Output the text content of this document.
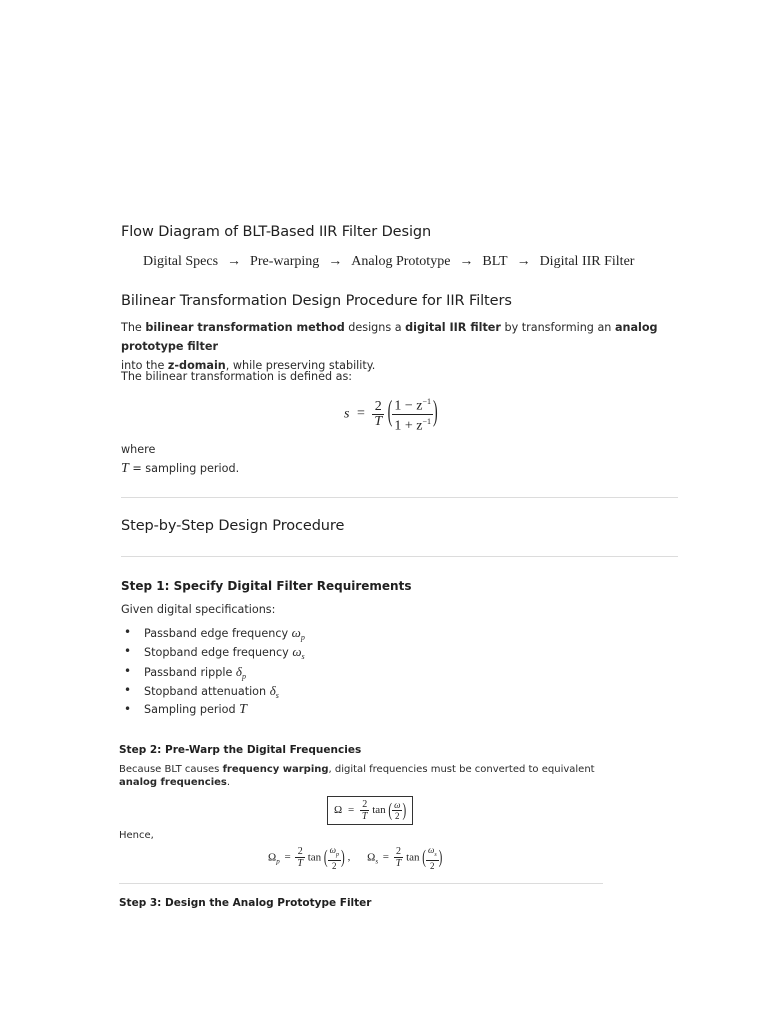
Flow Diagram of BLT-Based IIR Filter Design
Digital Specs → Pre-warping → Analog Prototype → BLT → Digital IIR Filter
Bilinear Transformation Design Procedure for IIR Filters
The bilinear transformation method designs a digital IIR filter by transforming an analog prototype filter
into the z-domain, while preserving stability.
The bilinear transformation is defined as:
$s = \frac{2}{T}$ ( $\frac{1 - z^{-1}}{1 + z^{-1}}$ )
where
T = sampling period.
Step-by-Step Design Procedure
Step 1: Specify Digital Filter Requirements
Given digital specifications:
• Passband edge frequency $\omega_p$
• Stopband edge frequency $\omega_s$
• Passband ripple $\delta_p$
• Stopband attenuation $\delta_s$
• Sampling period T
Step 2: Pre-Warp the Digital Frequencies
Because BLT causes frequency warping, digital frequencies must be converted to equivalent analog frequencies.
$\Omega = \frac{2}{T}$ tan ( $\frac{\omega}{2}$ )
Hence,
$\Omega_p = \frac{2}{T}$ tan ( $\frac{\omega_p}{2}$ ) , $\Omega_s = \frac{2}{T}$ tan ( $\frac{\omega_s}{2}$ )
Step 3: Design the Analog Prototype Filter
